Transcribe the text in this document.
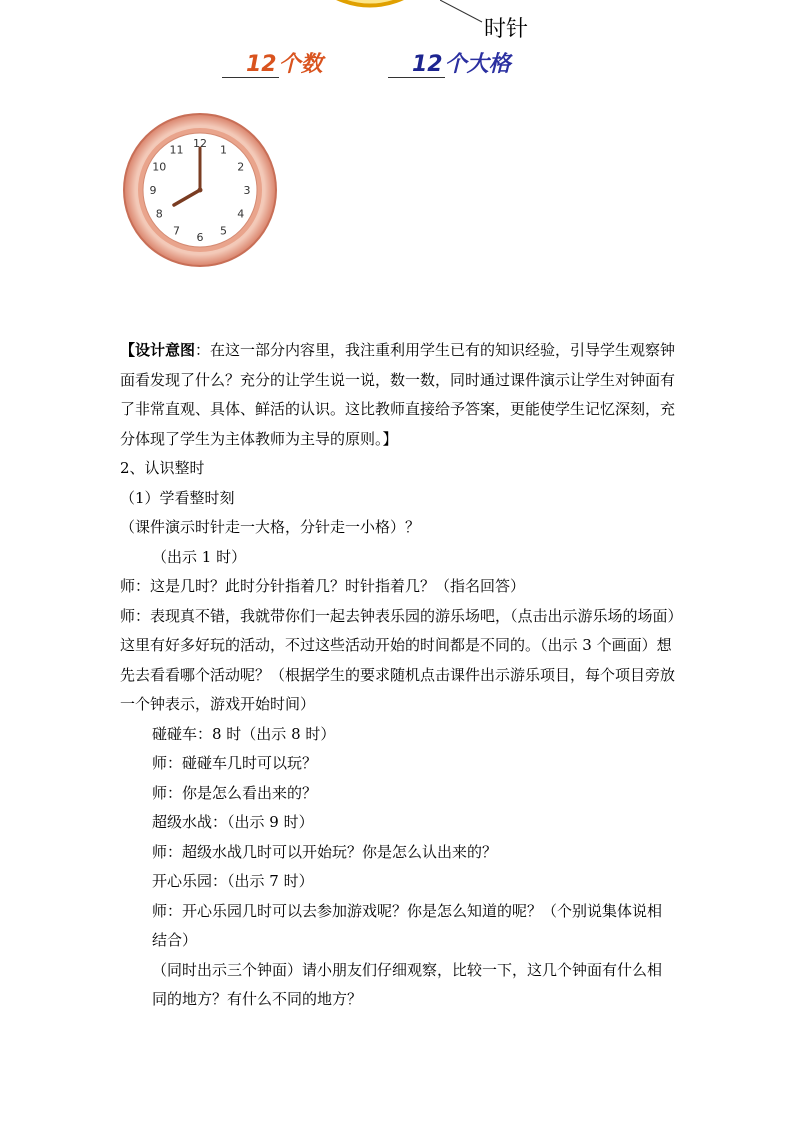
时针
12个数	12个大格
12 1
2
3
4
5
6
7
8
9
10
11

【设计意图：在这一部分内容里，我注重利用学生已有的知识经验，引导学生观察钟面看发现了什么？充分的让学生说一说，数一数，同时通过课件演示让学生对钟面有了非常直观、具体、鲜活的认识。这比教师直接给予答案，更能使学生记忆深刻，充分体现了学生为主体教师为主导的原则。】

2、认识整时

（1）学看整时刻

（课件演示时针走一大格，分针走一小格）？

（出示 1 时）

师：这是几时？此时分针指着几？时针指着几？（指名回答）

师：表现真不错，我就带你们一起去钟表乐园的游乐场吧，（点击出示游乐场的场面）这里有好多好玩的活动，不过这些活动开始的时间都是不同的。（出示 3 个画面）想先去看看哪个活动呢？（根据学生的要求随机点击课件出示游乐项目，每个项目旁放一个钟表示，游戏开始时间）

碰碰车：8 时（出示 8 时）

师：碰碰车几时可以玩？

师：你是怎么看出来的？

超级水战：（出示 9 时）

师：超级水战几时可以开始玩？你是怎么认出来的？

开心乐园：（出示 7 时）

师：开心乐园几时可以去参加游戏呢？你是怎么知道的呢？（个别说集体说相结合）

（同时出示三个钟面）请小朋友们仔细观察，比较一下，这几个钟面有什么相同的地方？有什么不同的地方？
